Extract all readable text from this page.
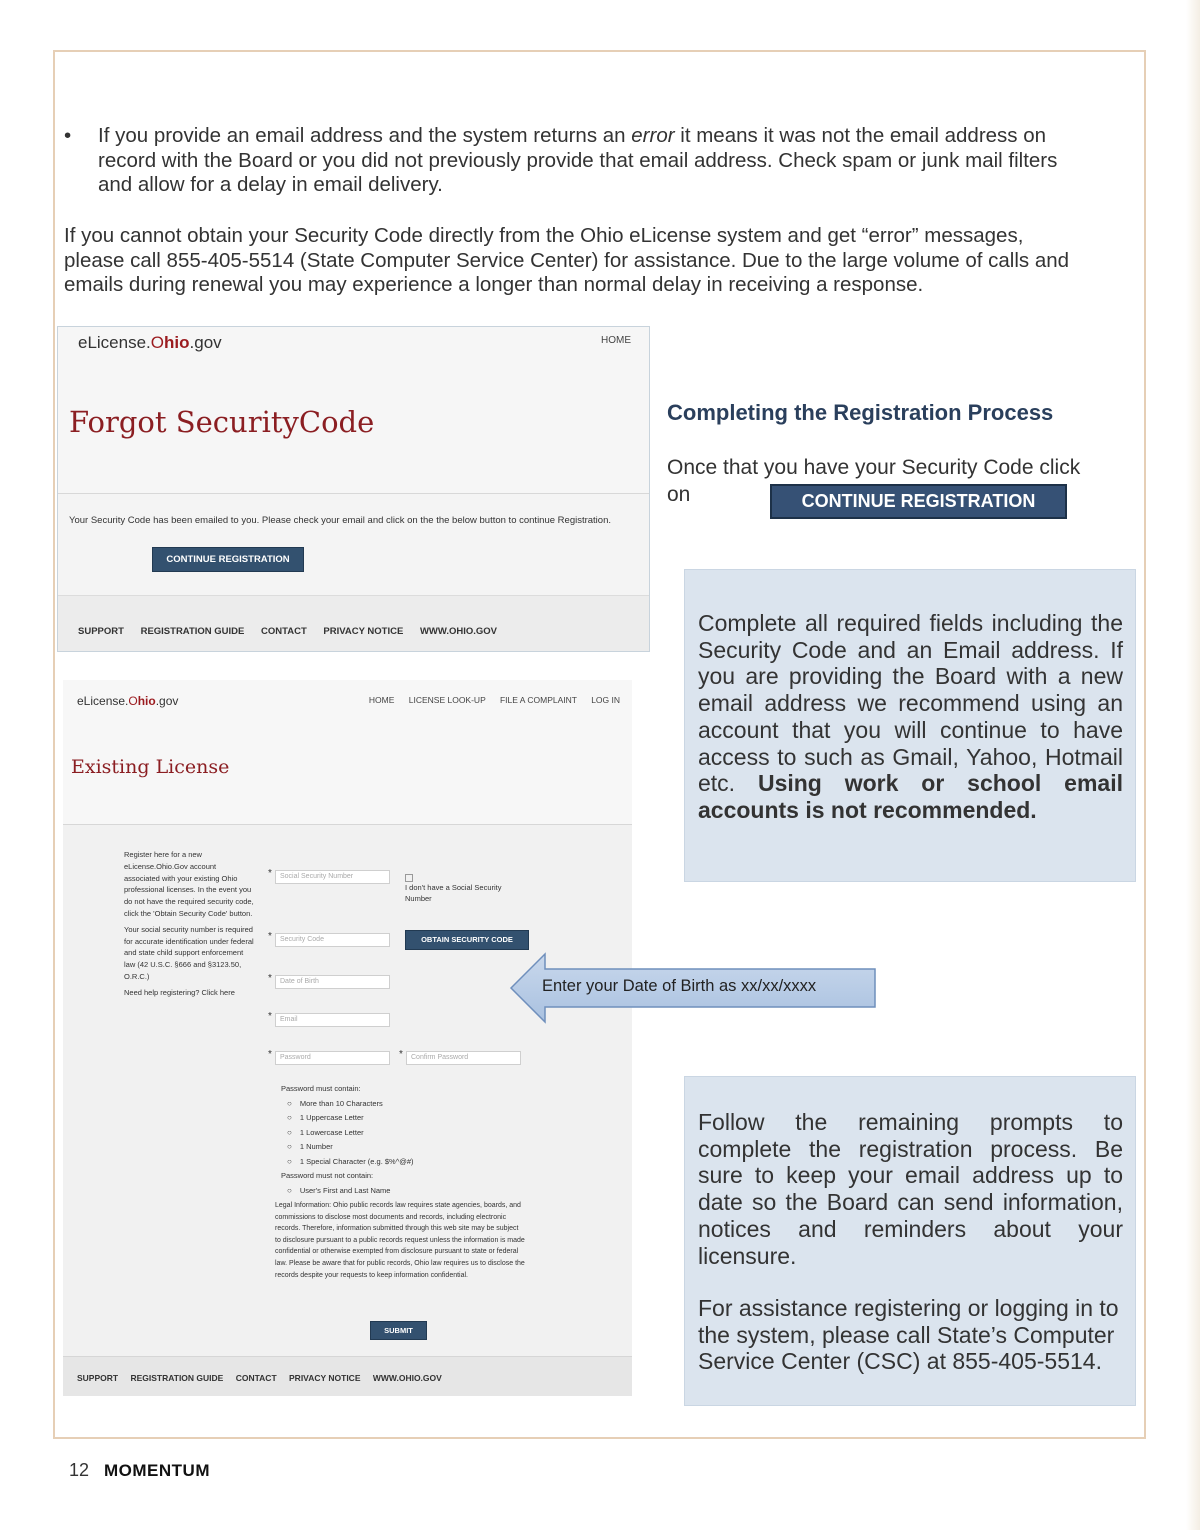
• If you provide an email address and the system returns an error it means it was not the email address on record with the Board or you did not previously provide that email address. Check spam or junk mail filters and allow for a delay in email delivery.
If you cannot obtain your Security Code directly from the Ohio eLicense system and get “error” messages, please call 855-405-5514 (State Computer Service Center) for assistance. Due to the large volume of calls and emails during renewal you may experience a longer than normal delay in receiving a response.
eLicense.Ohio.gov	HOME
Forgot SecurityCode
Your Security Code has been emailed to you. Please check your email and click on the the below button to continue Registration.
CONTINUE REGISTRATION
SUPPORT REGISTRATION GUIDE CONTACT PRIVACY NOTICE WWW.OHIO.GOV
Completing the Registration Process
Once that you have your Security Code click on	CONTINUE REGISTRATION
Complete all required fields including the Security Code and an Email address. If you are providing the Board with a new email address we recommend using an account that you will continue to have access to such as Gmail, Yahoo, Hotmail etc. Using work or school email accounts is not recommended.
eLicense.Ohio.gov	HOME LICENSE LOOK-UP FILE A COMPLAINT LOG IN
Existing License
Register here for a new eLicense.Ohio.Gov account associated with your existing Ohio professional licenses. In the event you do not have the required security code, click the 'Obtain Security Code' button.
Your social security number is required for accurate identification under federal and state child support enforcement law (42 U.S.C. §666 and §3123.50, O.R.C.)
Need help registering? Click here
*	Social Security Number
I don't have a Social Security Number
*	Security Code	OBTAIN SECURITY CODE
*	Date of Birth
*	Email
*	Password	*	Confirm Password
Password must contain:
○ More than 10 Characters
○ 1 Uppercase Letter
○ 1 Lowercase Letter
○ 1 Number
○ 1 Special Character (e.g. $%^@#)
Password must not contain:
○ User's First and Last Name
Legal Information: Ohio public records law requires state agencies, boards, and commissions to disclose most documents and records, including electronic records. Therefore, information submitted through this web site may be subject to disclosure pursuant to a public records request unless the information is made confidential or otherwise exempted from disclosure pursuant to state or federal law. Please be aware that for public records, Ohio law requires us to disclose the records despite your requests to keep information confidential.
SUBMIT
SUPPORT REGISTRATION GUIDE CONTACT PRIVACY NOTICE WWW.OHIO.GOV
Enter your Date of Birth as xx/xx/xxxx
Follow the remaining prompts to complete the registration process. Be sure to keep your email address up to date so the Board can send information, notices and reminders about your licensure.
For assistance registering or logging in to the system, please call State’s Computer Service Center (CSC) at 855-405-5514.
12 MOMENTUM
